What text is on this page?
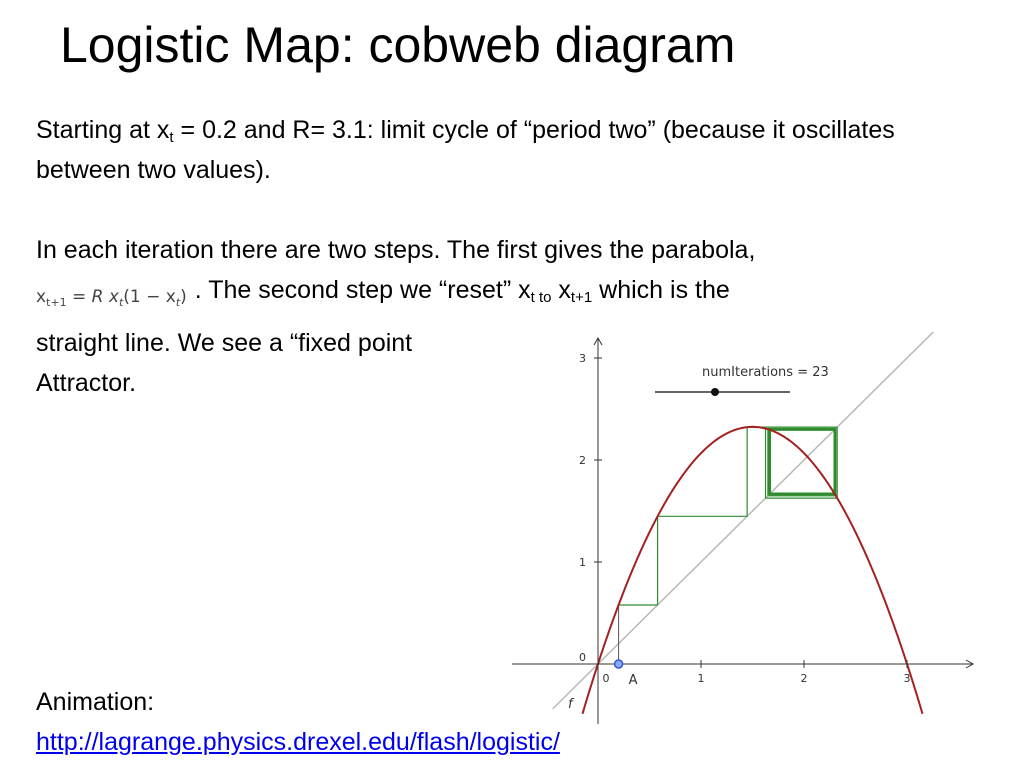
Logistic Map: cobweb diagram
Starting at $x_t = 0.2$ and R= 3.1: limit cycle of “period two” (because it oscillates between two values).
In each iteration there are two steps. The first gives the parabola,
$x_{t+1} = R$ $x_t(1 - x_t)$ . The second step we “reset” $x_{t to}$ $x_{t+1}$ which is the
straight line. We see a “fixed point
Attractor.
Animation:
http://lagrange.physics.drexel.edu/flash/logistic/
0	1	2	3
0
1
2
3
numIterations = 23
f
A
